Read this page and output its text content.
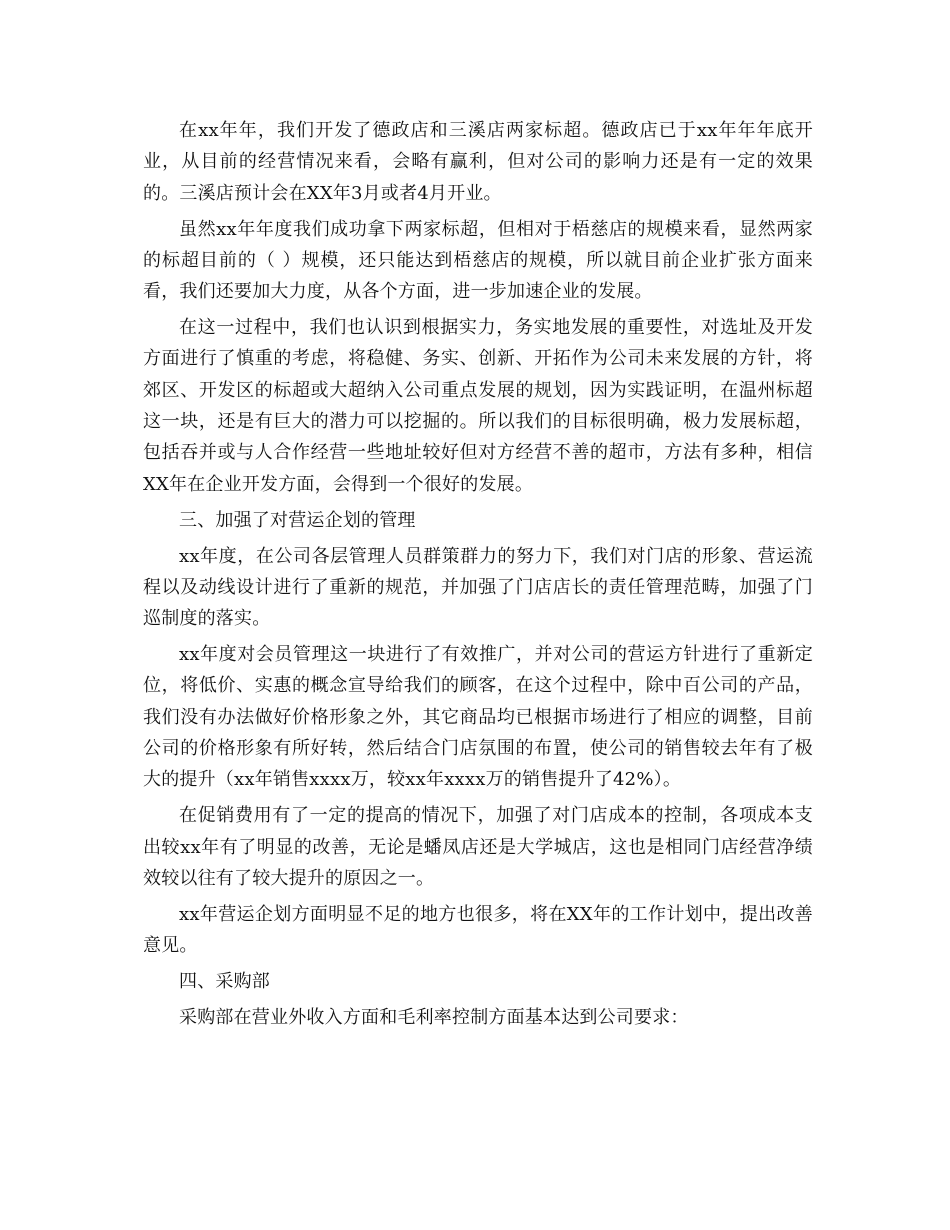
在xx年年，我们开发了德政店和三溪店两家标超。德政店已于xx年年年底开业，从目前的经营情况来看，会略有赢利，但对公司的影响力还是有一定的效果的。三溪店预计会在XX年3月或者4月开业。

虽然xx年年度我们成功拿下两家标超，但相对于梧慈店的规模来看，显然两家的标超目前的（ ）规模，还只能达到梧慈店的规模，所以就目前企业扩张方面来看，我们还要加大力度，从各个方面，进一步加速企业的发展。

在这一过程中，我们也认识到根据实力，务实地发展的重要性，对选址及开发方面进行了慎重的考虑，将稳健、务实、创新、开拓作为公司未来发展的方针，将郊区、开发区的标超或大超纳入公司重点发展的规划，因为实践证明，在温州标超这一块，还是有巨大的潜力可以挖掘的。所以我们的目标很明确，极力发展标超，包括吞并或与人合作经营一些地址较好但对方经营不善的超市，方法有多种，相信XX年在企业开发方面，会得到一个很好的发展。

三、加强了对营运企划的管理

xx年度，在公司各层管理人员群策群力的努力下，我们对门店的形象、营运流程以及动线设计进行了重新的规范，并加强了门店店长的责任管理范畴，加强了门巡制度的落实。

xx年度对会员管理这一块进行了有效推广，并对公司的营运方针进行了重新定位，将低价、实惠的概念宣导给我们的顾客，在这个过程中，除中百公司的产品，我们没有办法做好价格形象之外，其它商品均已根据市场进行了相应的调整，目前公司的价格形象有所好转，然后结合门店氛围的布置，使公司的销售较去年有了极大的提升（xx年销售xxxx万，较xx年xxxx万的销售提升了42%）。

在促销费用有了一定的提高的情况下，加强了对门店成本的控制，各项成本支出较xx年有了明显的改善，无论是蟠凤店还是大学城店，这也是相同门店经营净绩效较以往有了较大提升的原因之一。

xx年营运企划方面明显不足的地方也很多，将在XX年的工作计划中，提出改善意见。

四、采购部

采购部在营业外收入方面和毛利率控制方面基本达到公司要求：
